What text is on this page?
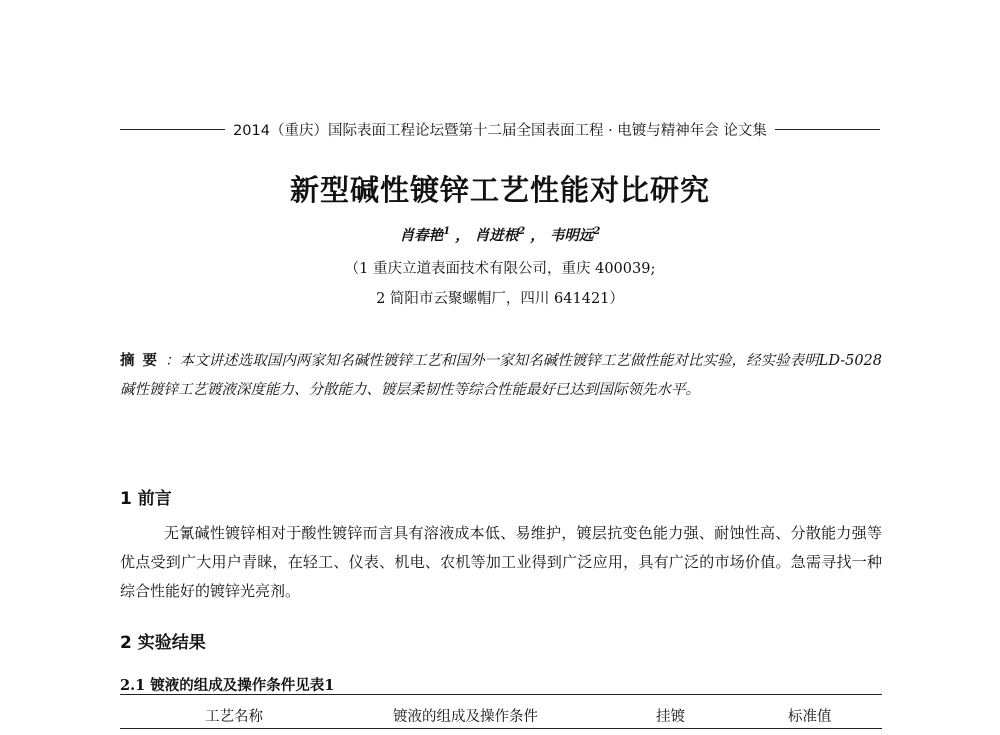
2014（重庆）国际表面工程论坛暨第十二届全国表面工程 · 电镀与精神年会 论文集
新型碱性镀锌工艺性能对比研究
肖春艳$^1$ ， 肖迸根$^2$ ， 韦明远$^2$
（1 重庆立道表面技术有限公司，重庆 400039;
2 简阳市云聚螺帽厂，四川 641421）
摘要：本文讲述选取国内两家知名碱性镀锌工艺和国外一家知名碱性镀锌工艺做性能对比实验，经实验表明LD-5028碱性镀锌工艺镀液深度能力、分散能力、镀层柔韧性等综合性能最好已达到国际领先水平。
1 前言
无氰碱性镀锌相对于酸性镀锌而言具有溶液成本低、易维护，镀层抗变色能力强、耐蚀性高、分散能力强等优点受到广大用户青睐，在轻工、仪表、机电、农机等加工业得到广泛应用，具有广泛的市场价值。急需寻找一种综合性能好的镀锌光亮剂。
2 实验结果
2.1 镀液的组成及操作条件见表1
工艺名称	镀液的组成及操作条件	挂镀	标准值
